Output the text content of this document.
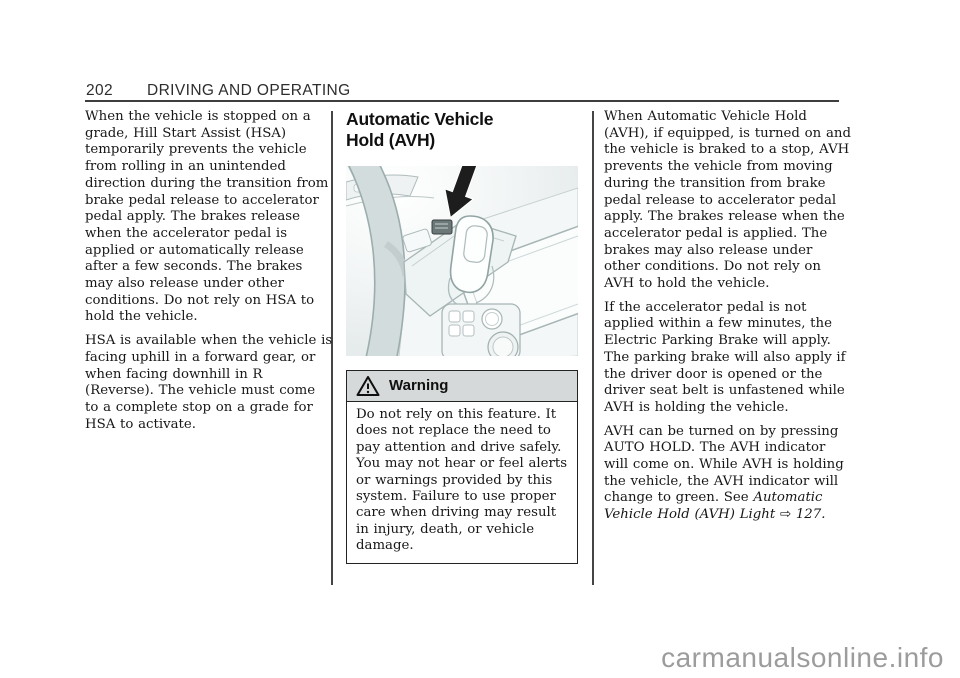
202 DRIVING AND OPERATING

When the vehicle is stopped on a grade, Hill Start Assist (HSA) temporarily prevents the vehicle from rolling in an unintended direction during the transition from brake pedal release to accelerator pedal apply. The brakes release when the accelerator pedal is applied or automatically release after a few seconds. The brakes may also release under other conditions. Do not rely on HSA to hold the vehicle.

HSA is available when the vehicle is facing uphill in a forward gear, or when facing downhill in R (Reverse). The vehicle must come to a complete stop on a grade for HSA to activate.

Automatic Vehicle
Hold (AVH)
Warning

Do not rely on this feature. It does not replace the need to pay attention and drive safely. You may not hear or feel alerts or warnings provided by this system. Failure to use proper care when driving may result in injury, death, or vehicle damage.

When Automatic Vehicle Hold (AVH), if equipped, is turned on and the vehicle is braked to a stop, AVH prevents the vehicle from moving during the transition from brake pedal release to accelerator pedal apply. The brakes release when the accelerator pedal is applied. The brakes may also release under other conditions. Do not rely on AVH to hold the vehicle.

If the accelerator pedal is not applied within a few minutes, the Electric Parking Brake will apply. The parking brake will also apply if the driver door is opened or the driver seat belt is unfastened while AVH is holding the vehicle.

AVH can be turned on by pressing AUTO HOLD. The AVH indicator will come on. While AVH is holding the vehicle, the AVH indicator will change to green. See Automatic Vehicle Hold (AVH) Light ⇨ 127.

carmanualsonline.info
